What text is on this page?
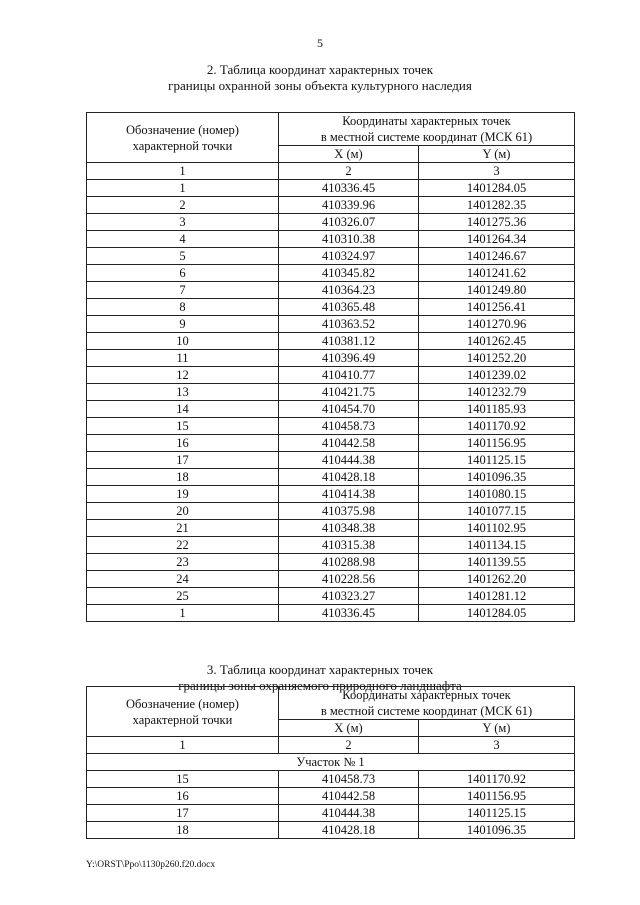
5
2. Таблица координат характерных точек
границы охранной зоны объекта культурного наследия
Обозначение (номер)
характерной точки	Координаты характерных точек
в местной системе координат (МСК 61)	

	X (м)	Y (м)
1	2	3
1	410336.45	1401284.05
2	410339.96	1401282.35
3	410326.07	1401275.36
4	410310.38	1401264.34
5	410324.97	1401246.67
6	410345.82	1401241.62
7	410364.23	1401249.80
8	410365.48	1401256.41
9	410363.52	1401270.96
10	410381.12	1401262.45
11	410396.49	1401252.20
12	410410.77	1401239.02
13	410421.75	1401232.79
14	410454.70	1401185.93
15	410458.73	1401170.92
16	410442.58	1401156.95
17	410444.38	1401125.15
18	410428.18	1401096.35
19	410414.38	1401080.15
20	410375.98	1401077.15
21	410348.38	1401102.95
22	410315.38	1401134.15
23	410288.98	1401139.55
24	410228.56	1401262.20
25	410323.27	1401281.12
1	410336.45	1401284.05
3. Таблица координат характерных точек
границы зоны охраняемого природного ландшафта
Обозначение (номер)
характерной точки	Координаты характерных точек
в местной системе координат (МСК 61)	

	X (м)	Y (м)
1	2	3
Участок № 1		
15	410458.73	1401170.92
16	410442.58	1401156.95
17	410444.38	1401125.15
18	410428.18	1401096.35
Y:\ORST\Ppo\1130p260.f20.docx
